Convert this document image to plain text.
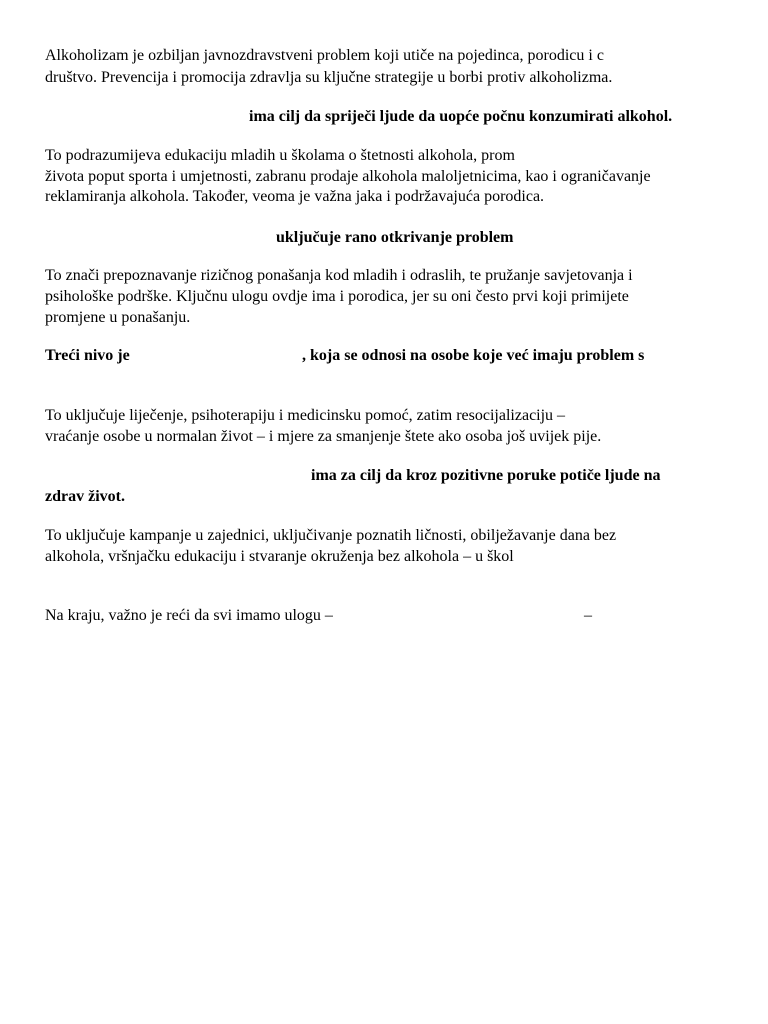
Alkoholizam je ozbiljan javnozdravstveni problem koji utiče na pojedinca, porodicu i c
društvo. Prevencija i promocija zdravlja su ključne strategije u borbi protiv alkoholizma.
ima cilj da spriječi ljude da uopće počnu konzumirati alkohol.
To podrazumijeva edukaciju mladih u školama o štetnosti alkohola, prom
života poput sporta i umjetnosti, zabranu prodaje alkohola maloljetnicima, kao i ograničavanje
reklamiranja alkohola. Također, veoma je važna jaka i podržavajuća porodica.
uključuje rano otkrivanje problem
To znači prepoznavanje rizičnog ponašanja kod mladih i odraslih, te pružanje savjetovanja i
psihološke podrške. Ključnu ulogu ovdje ima i porodica, jer su oni često prvi koji primijete
promjene u ponašanju.
Treći nivo je	, koja se odnosi na osobe koje već imaju problem s
To uključuje liječenje, psihoterapiju i medicinsku pomoć, zatim resocijalizaciju –
vraćanje osobe u normalan život – i mjere za smanjenje štete ako osoba još uvijek pije.
ima za cilj da kroz pozitivne poruke potiče ljude na
zdrav život.
To uključuje kampanje u zajednici, uključivanje poznatih ličnosti, obilježavanje dana bez
alkohola, vršnjačku edukaciju i stvaranje okruženja bez alkohola – u škol
Na kraju, važno je reći da svi imamo ulogu –	–
